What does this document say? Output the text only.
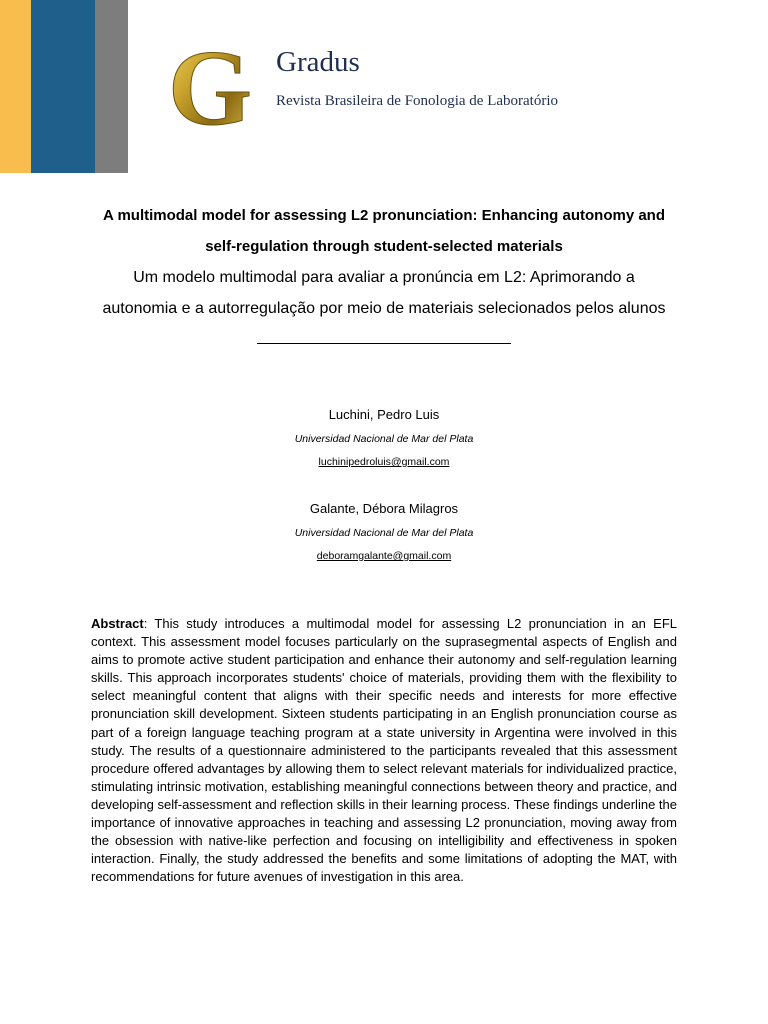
G Gradus
Revista Brasileira de Fonologia de Laboratório

A multimodal model for assessing L2 pronunciation: Enhancing autonomy and

self-regulation through student-selected materials

Um modelo multimodal para avaliar a pronúncia em L2: Aprimorando a

autonomia e a autorregulação por meio de materiais selecionados pelos alunos

Luchini, Pedro Luis
Universidad Nacional de Mar del Plata
luchinipedroluis@gmail.com
Galante, Débora Milagros
Universidad Nacional de Mar del Plata
deboramgalante@gmail.com

Abstract: This study introduces a multimodal model for assessing L2 pronunciation in an EFL context. This assessment model focuses particularly on the suprasegmental aspects of English and aims to promote active student participation and enhance their autonomy and self-regulation learning skills. This approach incorporates students' choice of materials, providing them with the flexibility to select meaningful content that aligns with their specific needs and interests for more effective pronunciation skill development. Sixteen students participating in an English pronunciation course as part of a foreign language teaching program at a state university in Argentina were involved in this study. The results of a questionnaire administered to the participants revealed that this assessment procedure offered advantages by allowing them to select relevant materials for individualized practice, stimulating intrinsic motivation, establishing meaningful connections between theory and practice, and developing self-assessment and reflection skills in their learning process. These findings underline the importance of innovative approaches in teaching and assessing L2 pronunciation, moving away from the obsession with native-like perfection and focusing on intelligibility and effectiveness in spoken interaction. Finally, the study addressed the benefits and some limitations of adopting the MAT, with recommendations for future avenues of investigation in this area.
